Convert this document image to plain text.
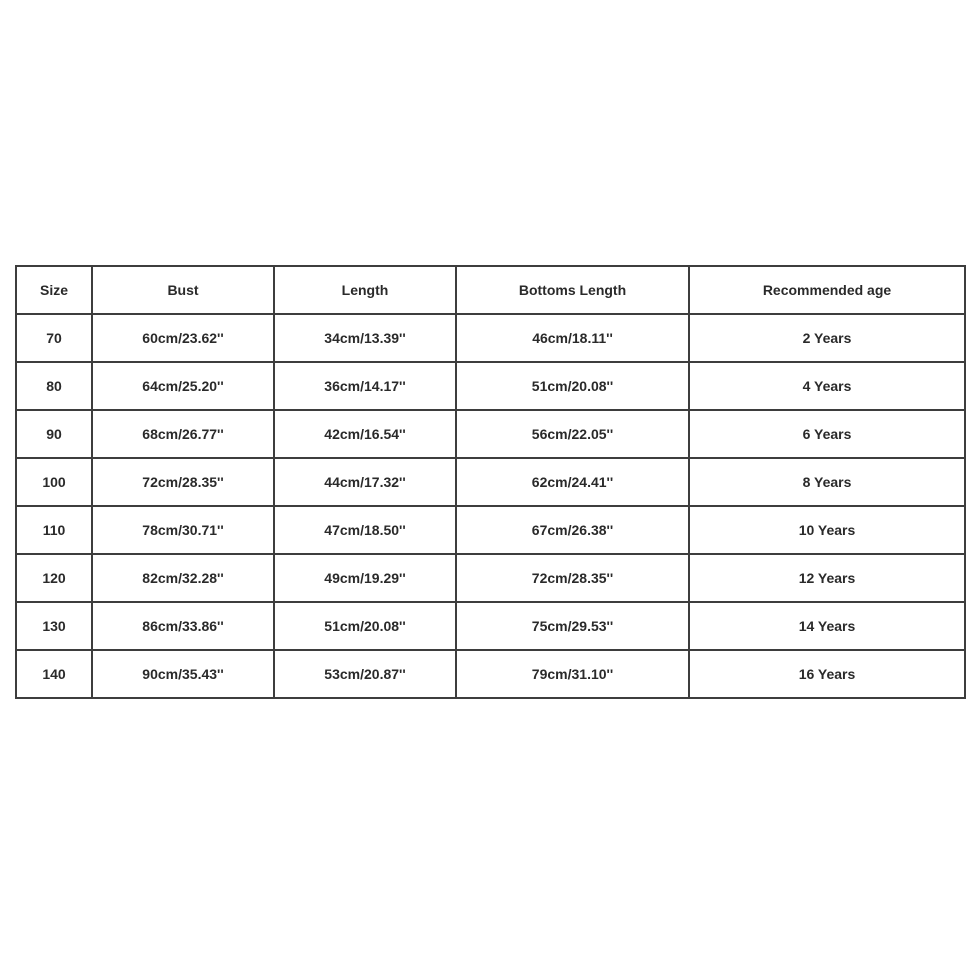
Size	Bust	Length	Bottoms Length	Recommended age
70	60cm/23.62''	34cm/13.39''	46cm/18.11''	2 Years
80	64cm/25.20''	36cm/14.17''	51cm/20.08''	4 Years
90	68cm/26.77''	42cm/16.54''	56cm/22.05''	6 Years
100	72cm/28.35''	44cm/17.32''	62cm/24.41''	8 Years
110	78cm/30.71''	47cm/18.50''	67cm/26.38''	10 Years
120	82cm/32.28''	49cm/19.29''	72cm/28.35''	12 Years
130	86cm/33.86''	51cm/20.08''	75cm/29.53''	14 Years
140	90cm/35.43''	53cm/20.87''	79cm/31.10''	16 Years
